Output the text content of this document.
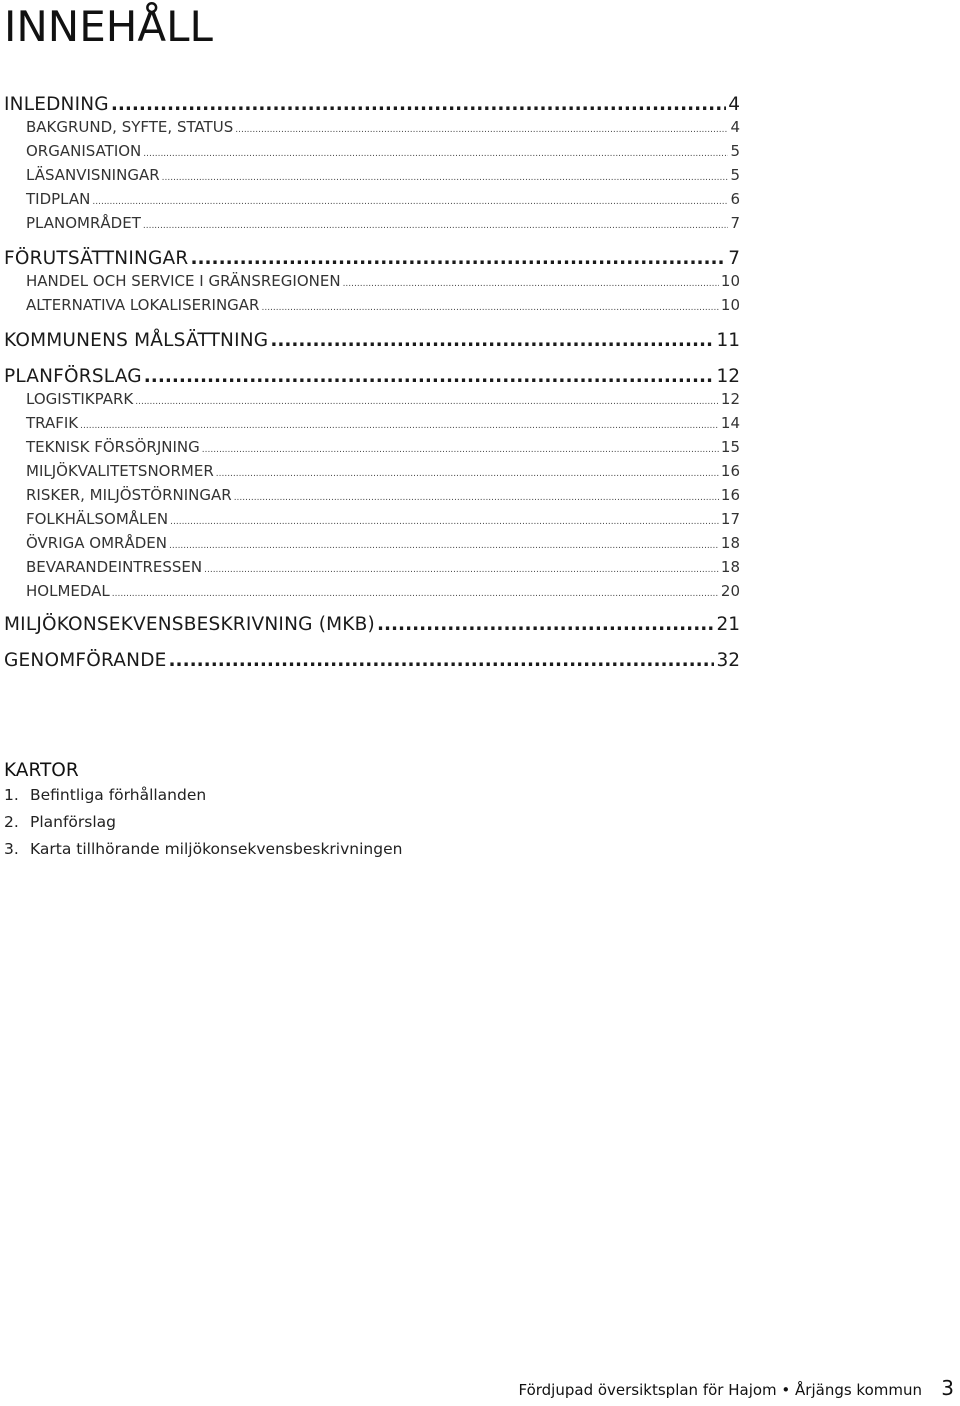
INNEHÅLL
INLEDNING .....	4
BAKGRUND, SYFTE, STATUS .....	4
ORGANISATION .....	5
LÄSANVISNINGAR .....	5
TIDPLAN .....	6
PLANOMRÅDET .....	7
FÖRUTSÄTTNINGAR .....	7
HANDEL OCH SERVICE I GRÄNSREGIONEN .....	10
ALTERNATIVA LOKALISERINGAR .....	10
KOMMUNENS MÅLSÄTTNING .....	11
PLANFÖRSLAG .....	12
LOGISTIKPARK .....	12
TRAFIK .....	14
TEKNISK FÖRSÖRJNING .....	15
MILJÖKVALITETSNORMER .....	16
RISKER, MILJÖSTÖRNINGAR .....	16
FOLKHÄLSOMÅLEN .....	17
ÖVRIGA OMRÅDEN .....	18
BEVARANDEINTRESSEN .....	18
HOLMEDAL .....	20
MILJÖKONSEKVENSBESKRIVNING (MKB) .....	21
GENOMFÖRANDE .....	32
KARTOR
1. Befintliga förhållanden
2. Planförslag
3. Karta tillhörande miljökonsekvensbeskrivningen
Fördjupad översiktsplan för Hajom • Årjängs kommun 3
